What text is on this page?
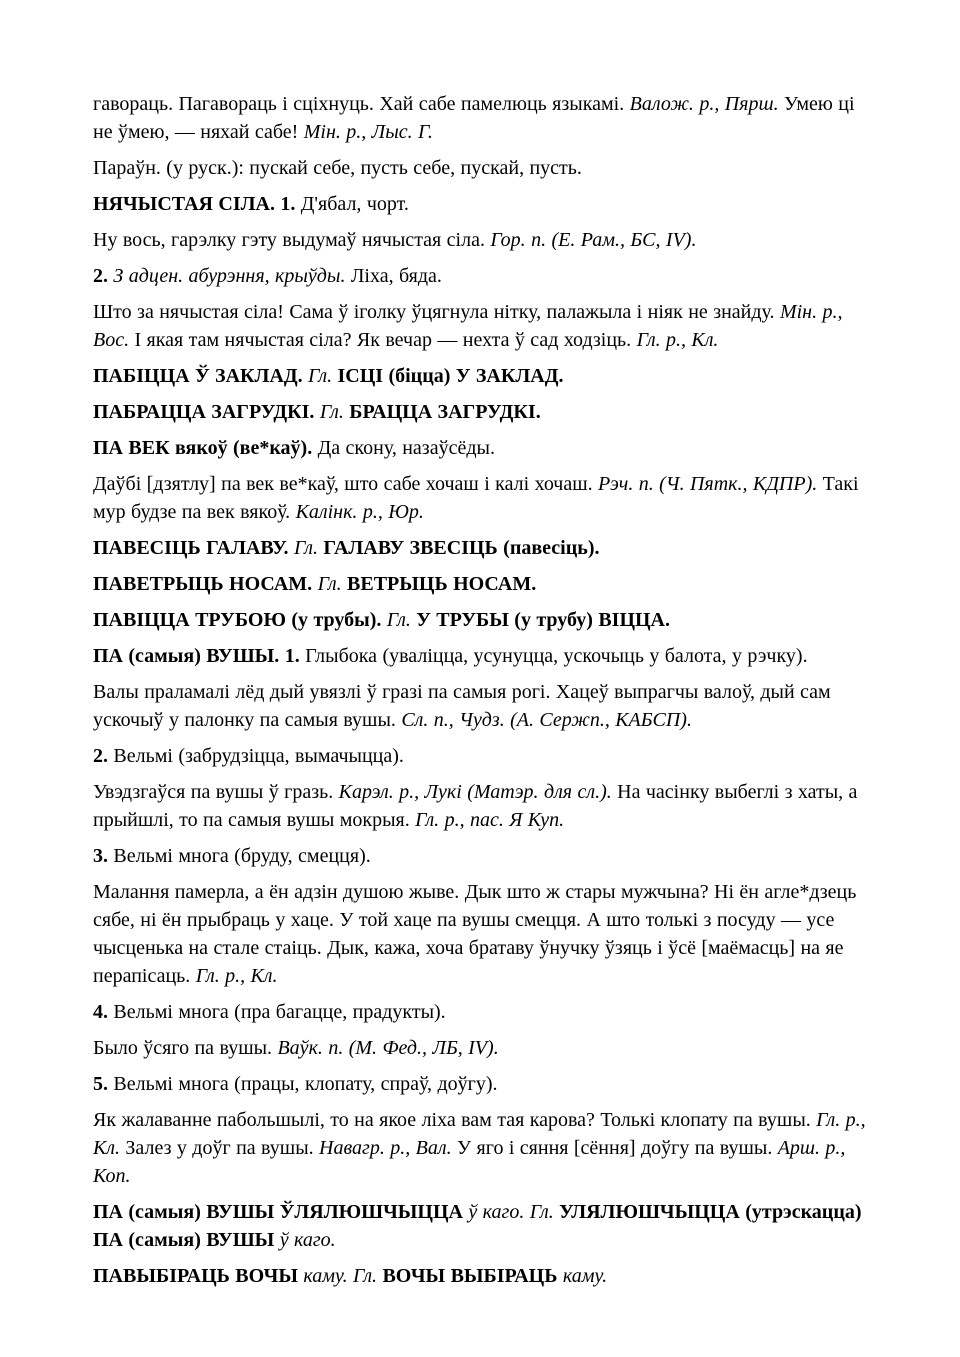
гавораць. Пагавораць і сціхнуць. Хай сабе памелюць языкамі. Валож. р., Пярш. Умею ці не ўмею, — няхай сабе! Мін. р., Лыс. Г.

Параўн. (у руск.): пускай себе, пусть себе, пускай, пусть.

НЯЧЫСТАЯ СІЛА. 1. Д'ябал, чорт.

Ну вось, гарэлку гэту выдумаў нячыстая сіла. Гор. п. (Е. Рам., БС, IV).

2. З адцен. абурэння, крыўды. Ліха, бяда.

Што за нячыстая сіла! Сама ў іголку ўцягнула нітку, палажыла і ніяк не знайду. Мін. р., Вос. І якая там нячыстая сіла? Як вечар — нехта ў сад ходзіць. Гл. р., Кл.

ПАБІЦЦА Ў ЗАКЛАД. Гл. ІСЦІ (біцца) У ЗАКЛАД.

ПАБРАЦЦА ЗАГРУДКІ. Гл. БРАЦЦА ЗАГРУДКІ.

ПА ВЕК вякоў (ве*каў). Да скону, назаўсёды.

Даўбі [дзятлу] па век ве*каў, што сабе хочаш і калі хочаш. Рэч. п. (Ч. Пятк., КДПР). Такі мур будзе па век вякоў. Калінк. р., Юр.

ПАВЕСІЦЬ ГАЛАВУ. Гл. ГАЛАВУ ЗВЕСІЦЬ (павесіць).

ПАВЕТРЫЦЬ НОСАМ. Гл. ВЕТРЫЦЬ НОСАМ.

ПАВІЦЦА ТРУБОЮ (у трубы). Гл. У ТРУБЫ (у трубу) ВІЦЦА.

ПА (самыя) ВУШЫ. 1. Глыбока (уваліцца, усунуцца, ускочыць у балота, у рэчку).

Валы праламалі лёд дый увязлі ў гразі па самыя рогі. Хацеў выпрагчы валоў, дый сам ускочыў у палонку па самыя вушы. Сл. п., Чудз. (А. Сержп., КАБСП).

2. Вельмі (забрудзіцца, вымачыцца).

Увэдзгаўся па вушы ў гразь. Карэл. р., Лукі (Матэр. для сл.). На часінку выбеглі з хаты, а прыйшлі, то па самыя вушы мокрыя. Гл. р., пас. Я Куп.

3. Вельмі многа (бруду, смецця).

Малання памерла, а ён адзін душою жыве. Дык што ж стары мужчына? Ні ён агле*дзець сябе, ні ён прыбраць у хаце. У той хаце па вушы смецця. А што толькі з посуду — усе чысценька на стале стаіць. Дык, кажа, хоча братаву ўнучку ўзяць і ўсё [маёмасць] на яе перапісаць. Гл. р., Кл.

4. Вельмі многа (пра багацце, прадукты).

Было ўсяго па вушы. Ваўк. п. (М. Фед., ЛБ, IV).

5. Вельмі многа (працы, клопату, спраў, доўгу).

Як жалаванне пабольшылі, то на якое ліха вам тая карова? Толькі клопату па вушы. Гл. р., Кл. Залез у доўг па вушы. Навагр. р., Вал. У яго і сяння [сёння] доўгу па вушы. Арш. р., Коп.

ПА (самыя) ВУШЫ ЎЛЯЛЮШЧЫЦЦА ў каго. Гл. УЛЯЛЮШЧЫЦЦА (утрэскацца) ПА (самыя) ВУШЫ ў каго.

ПАВЫБІРАЦЬ ВОЧЫ каму. Гл. ВОЧЫ ВЫБІРАЦЬ каму.
